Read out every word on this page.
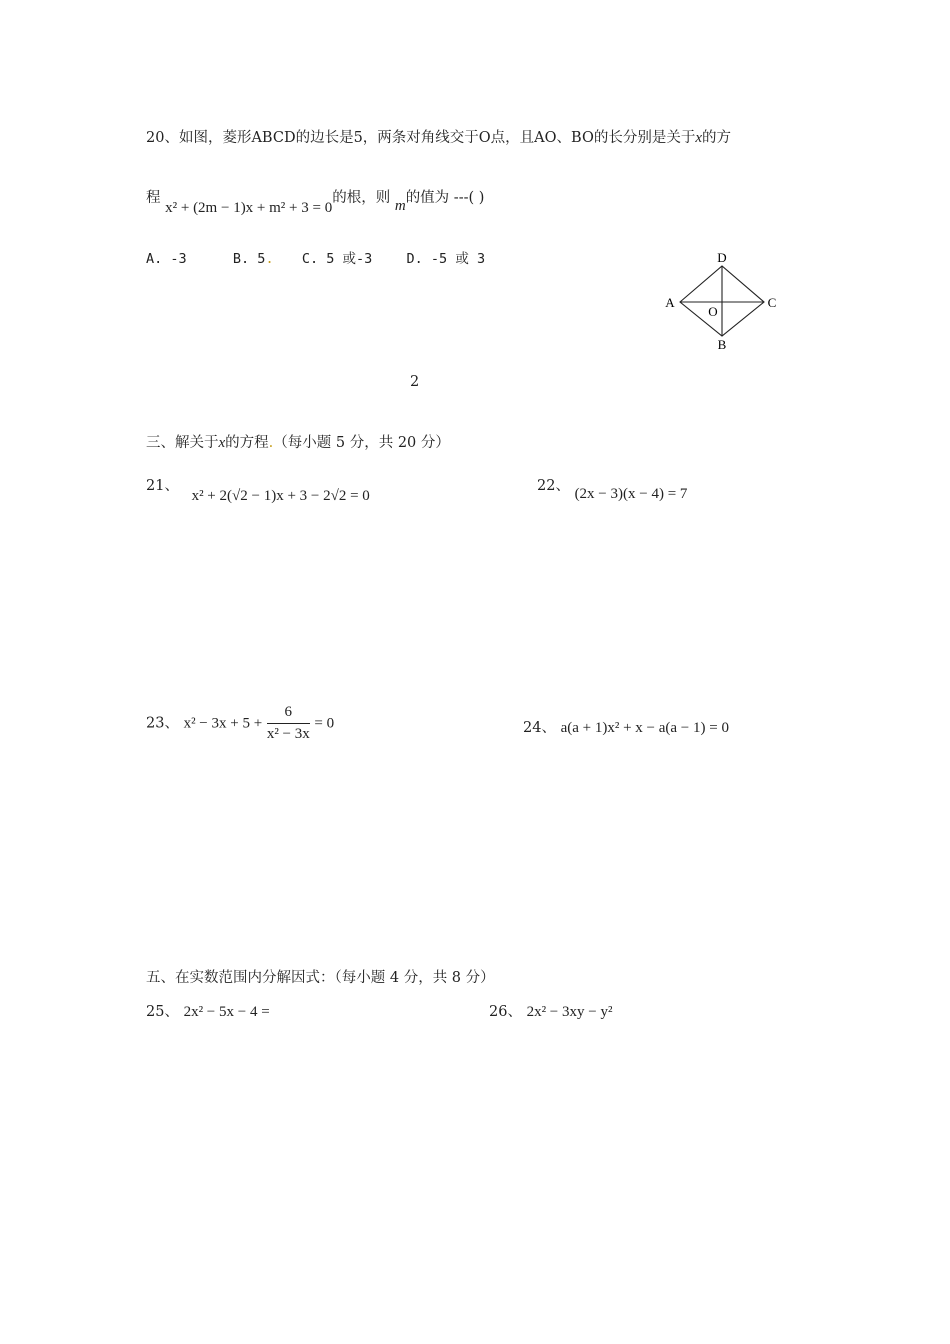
20、如图，菱形ABCD的边长是5，两条对角线交于O点，且AO、BO的长分别是关于x的方
程 x² + (2m − 1)x + m² + 3 = 0的根，则 m的值为 ---( )
A. -3	B. 5. C. 5 或-3	D. -5 或 3	D
A	C
O
B
2
三、解关于x的方程.（每小题 5 分，共 20 分）
21、 x² + 2(√2 − 1)x + 3 − 2√2 = 0
22、 (2x − 3)(x − 4) = 7
23、 $x^2 - 3x + 5 + \frac{6}{\text{x² − 3x}} = 0$	24、 a(a + 1)x² + x − a(a − 1) = 0
五、在实数范围内分解因式：（每小题 4 分，共 8 分）
25、 2x² − 5x − 4 =	26、 2x² − 3xy − y²
